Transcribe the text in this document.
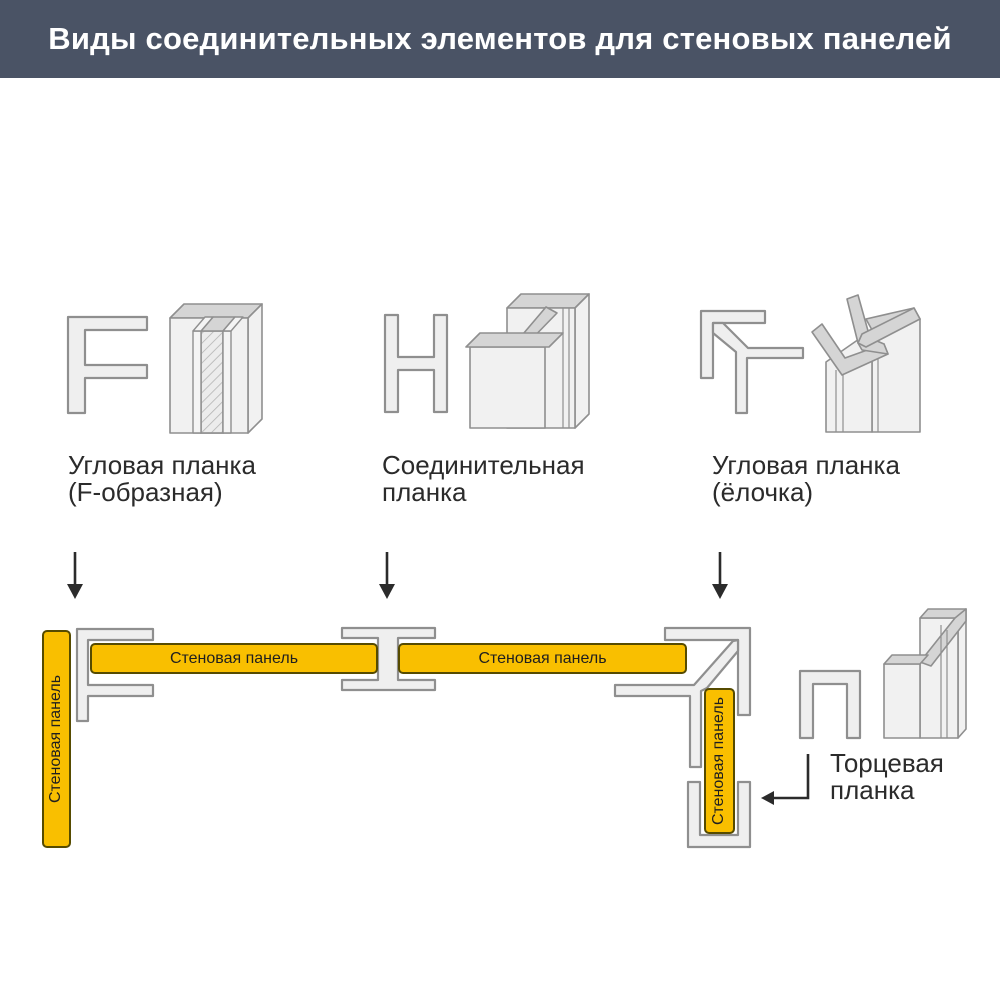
Виды соединительных элементов для стеновых панелей
Угловая планка
(F-образная)
Соединительная
планка
Угловая планка
(ёлочка)
Торцевая
планка
Стеновая панель
Стеновая панель	Стеновая панель
Стеновая панель
